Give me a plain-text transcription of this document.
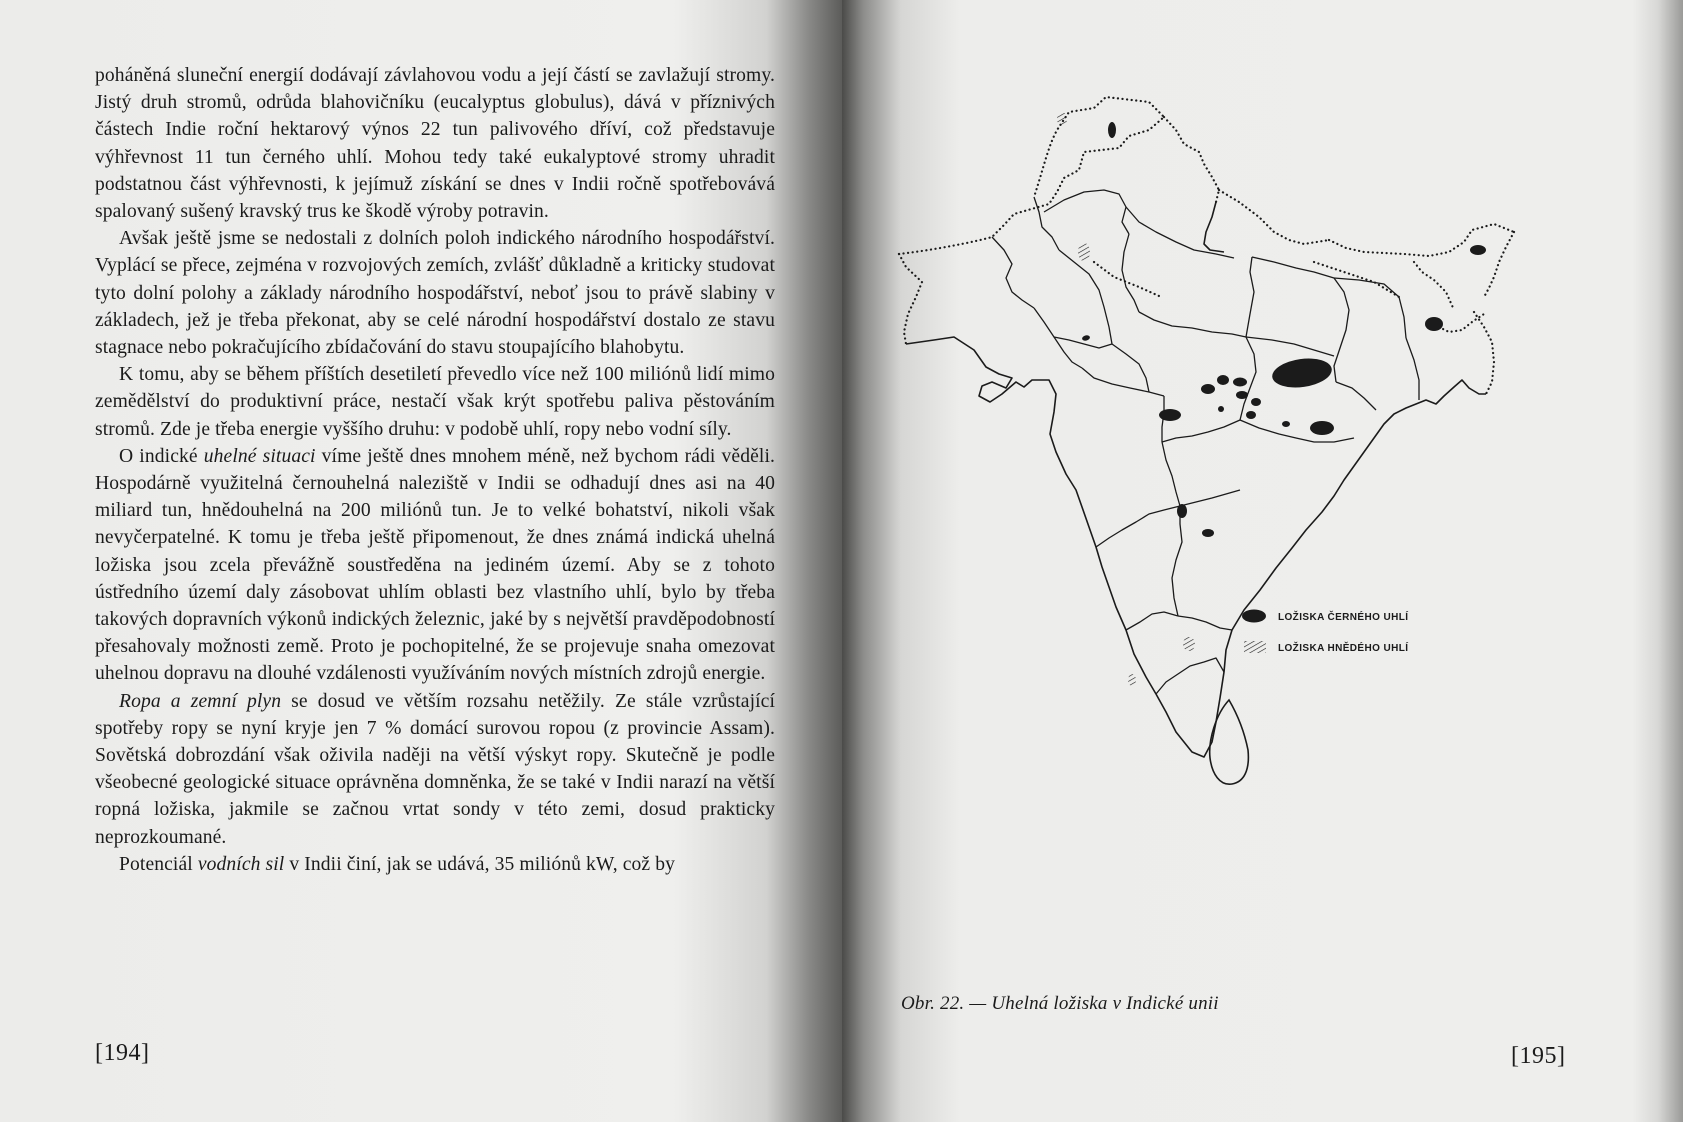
poháněná sluneční energií dodávají závlahovou vodu a její částí se zavlažují stromy. Jistý druh stromů, odrůda blahovičníku (eucalyptus globulus), dává v příznivých částech Indie roční hektarový výnos 22 tun palivového dříví, což představuje výhřevnost 11 tun černého uhlí. Mohou tedy také eukalyptové stromy uhradit podstatnou část výhřevnosti, k jejímuž získání se dnes v Indii ročně spotřebovává spalovaný sušený kravský trus ke škodě výroby potravin.

Avšak ještě jsme se nedostali z dolních poloh indického národního hospodářství. Vyplácí se přece, zejména v rozvojových zemích, zvlášť důkladně a kriticky studovat tyto dolní polohy a základy národního hospodářství, neboť jsou to právě slabiny v základech, jež je třeba překonat, aby se celé národní hospodářství dostalo ze stavu stagnace nebo pokračujícího zbídačování do stavu stoupajícího blahobytu.

K tomu, aby se během příštích desetiletí převedlo více než 100 miliónů lidí mimo zemědělství do produktivní práce, nestačí však krýt spotřebu paliva pěstováním stromů. Zde je třeba energie vyššího druhu: v podobě uhlí, ropy nebo vodní síly.

O indické uhelné situaci víme ještě dnes mnohem méně, než bychom rádi věděli. Hospodárně využitelná černouhelná naleziště v Indii se odhadují dnes asi na 40 miliard tun, hnědouhelná na 200 miliónů tun. Je to velké bohatství, nikoli však nevyčerpatelné. K tomu je třeba ještě připomenout, že dnes známá indická uhelná ložiska jsou zcela převážně soustředěna na jediném území. Aby se z tohoto ústředního území daly zásobovat uhlím oblasti bez vlastního uhlí, bylo by třeba takových dopravních výkonů indických železnic, jaké by s největší pravděpodobností přesahovaly možnosti země. Proto je pochopitelné, že se projevuje snaha omezovat uhelnou dopravu na dlouhé vzdálenosti využíváním nových místních zdrojů energie.

Ropa a zemní plyn se dosud ve větším rozsahu netěžily. Ze stále vzrůstající spotřeby ropy se nyní kryje jen 7 % domácí surovou ropou (z provincie Assam). Sovětská dobrozdání však oživila naději na větší výskyt ropy. Skutečně je podle všeobecné geologické situace oprávněna domněnka, že se také v Indii narazí na větší ropná ložiska, jakmile se začnou vrtat sondy v této zemi, dosud prakticky neprozkoumané.

Potenciál vodních sil v Indii činí, jak se udává, 35 miliónů kW, což by

[194]
LOŽISKA ČERNÉHO UHLÍ
LOŽISKA HNĚDÉHO UHLÍ
Obr. 22. — Uhelná ložiska v Indické unii
[195]
